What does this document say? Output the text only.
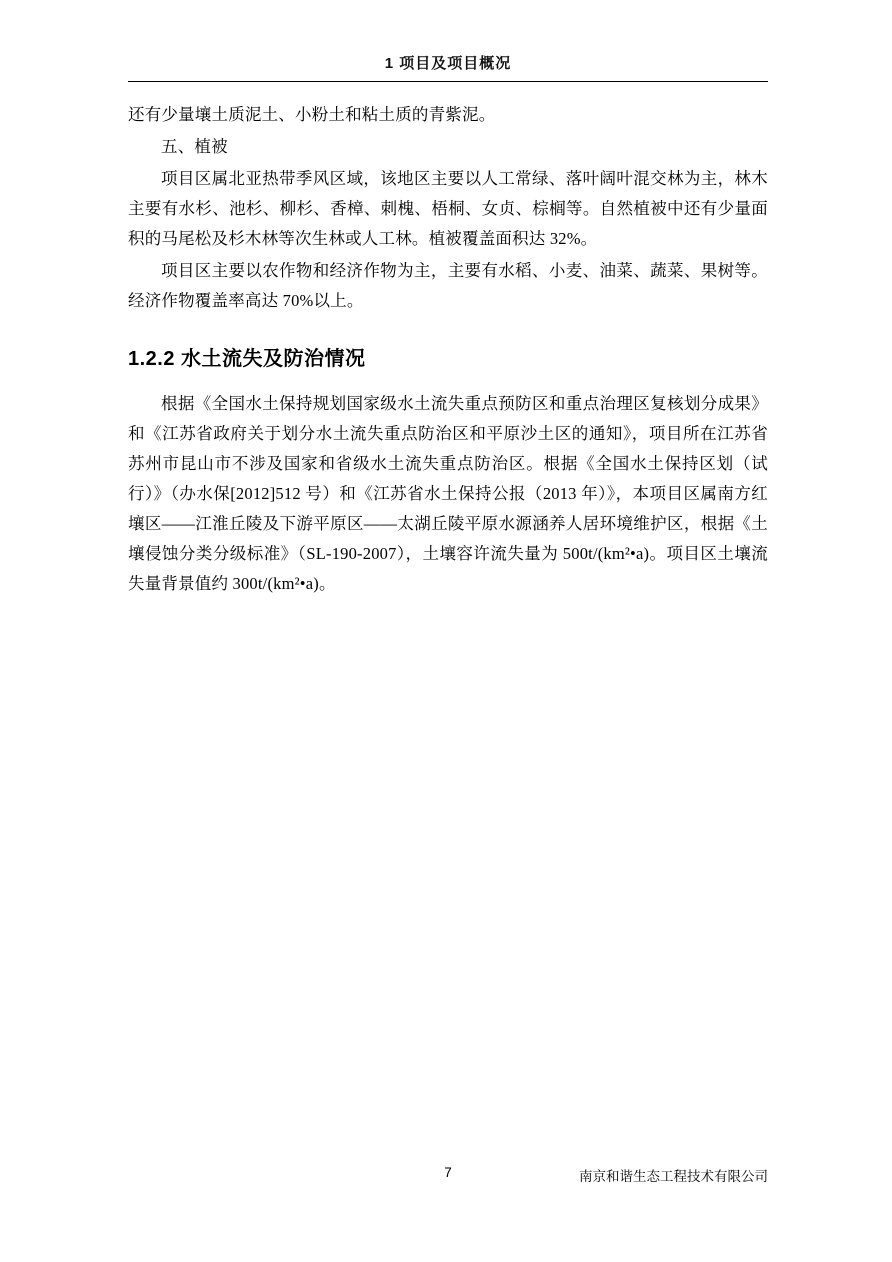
1 项目及项目概况

还有少量壤土质泥土、小粉土和粘土质的青紫泥。

五、植被

项目区属北亚热带季风区域，该地区主要以人工常绿、落叶阔叶混交林为主，林木主要有水杉、池杉、柳杉、香樟、刺槐、梧桐、女贞、棕榈等。自然植被中还有少量面积的马尾松及杉木林等次生林或人工林。植被覆盖面积达 32%。

项目区主要以农作物和经济作物为主，主要有水稻、小麦、油菜、蔬菜、果树等。经济作物覆盖率高达 70%以上。

1.2.2 水土流失及防治情况

根据《全国水土保持规划国家级水土流失重点预防区和重点治理区复核划分成果》和《江苏省政府关于划分水土流失重点防治区和平原沙土区的通知》，项目所在江苏省苏州市昆山市不涉及国家和省级水土流失重点防治区。根据《全国水土保持区划（试行）》（办水保[2012]512 号）和《江苏省水土保持公报（2013 年）》，本项目区属南方红壤区——江淮丘陵及下游平原区——太湖丘陵平原水源涵养人居环境维护区，根据《土壤侵蚀分类分级标准》（SL-190-2007），土壤容许流失量为 500t/(km²•a)。项目区土壤流失量背景值约 300t/(km²•a)。

7	南京和谐生态工程技术有限公司
